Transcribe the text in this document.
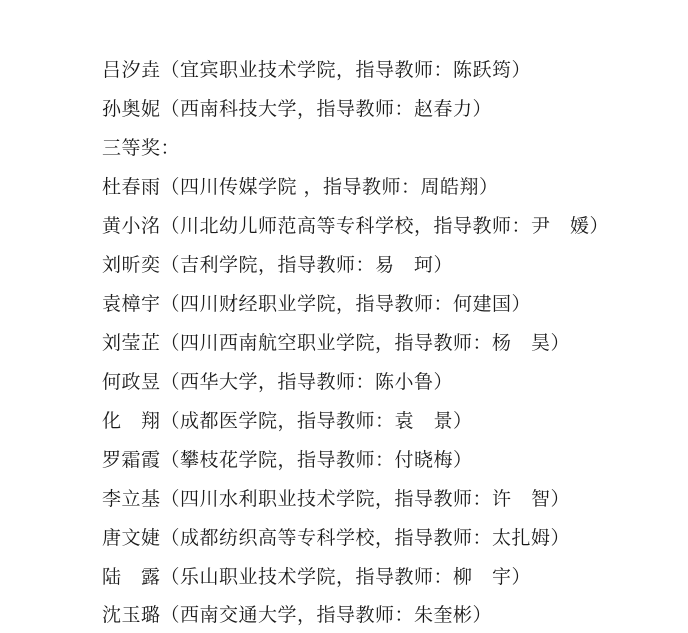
吕汐垚（宜宾职业技术学院，指导教师：陈跃筠）
孙奥妮（西南科技大学，指导教师：赵春力）
三等奖：
杜春雨（四川传媒学院 ，指导教师：周皓翔）
黄小洺（川北幼儿师范高等专科学校，指导教师：尹　媛）
刘昕奕（吉利学院，指导教师：易　珂）
袁樟宇（四川财经职业学院，指导教师：何建国）
刘莹芷（四川西南航空职业学院，指导教师：杨　昊）
何政昱（西华大学，指导教师：陈小鲁）
化　翔（成都医学院，指导教师：袁　景）
罗霜霞（攀枝花学院，指导教师：付晓梅）
李立基（四川水利职业技术学院，指导教师：许　智）
唐文婕（成都纺织高等专科学校，指导教师：太扎姆）
陆　露（乐山职业技术学院，指导教师：柳　宇）
沈玉璐（西南交通大学，指导教师：朱奎彬）
